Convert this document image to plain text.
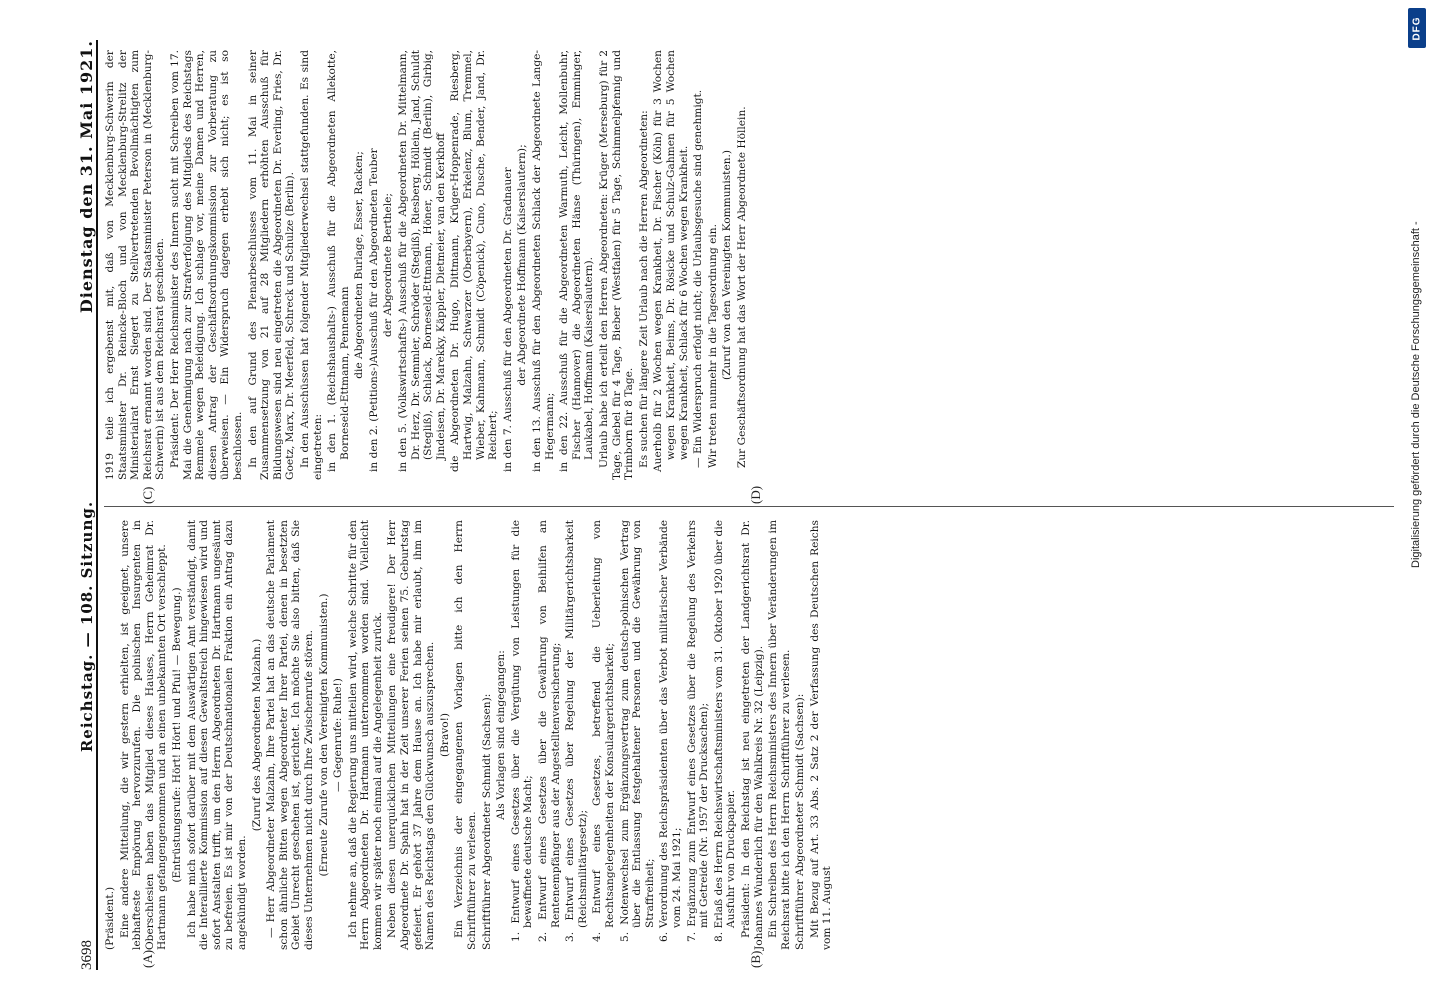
3698
Reichstag. — 108. Sitzung.
Dienstag den 31. Mai 1921.
(A)	(B)
(C)	(D)

(Präsident.) Eine andere Mitteilung, die wir gestern erhielten, ist geeignet, unsere lebhafteste Empörung hervorzurufen. Die polnischen Insurgenten in Oberschlesien haben das Mitglied dieses Hauses, Herrn Geheimrat Dr. Hartmann gefangengenommen und an einen unbekannten Ort verschleppt. (Entrüstungsrufe: Hört! Hört! und Pfui! — Bewegung.) Ich habe mich sofort darüber mit dem Auswärtigen Amt verständigt, damit die Interalliierte Kommission auf diesen Gewaltstreich hingewiesen wird und sofort Anstalten trifft, um den Herrn Abgeordneten Dr. Hartmann ungesäumt zu befreien. Es ist mir von der Deutschnationalen Fraktion ein Antrag dazu angekündigt worden.

(Zuruf des Abgeordneten Malzahn.) — Herr Abgeordneter Malzahn, Ihre Partei hat an das deutsche Parlament schon ähnliche Bitten wegen Abgeordneter Ihrer Partei, denen in besetzten Gebiet Unrecht geschehen ist, gerichtet. Ich möchte Sie also bitten, daß Sie dieses Unternehmen nicht durch Ihre Zwischenrufe stören. (Erneute Zurufe von den Vereinigten Kommunisten.) — Gegenrufe: Ruhe!) Ich nehme an, daß die Regierung uns mitteilen wird, welche Schritte für den Herrn Abgeordneten Dr. Hartmann unternommen worden sind. Vielleicht kommen wir später noch einmal auf die Angelegenheit zurück. Neben diesen unerquicklichen Mitteilungen eine freudigere! Der Herr Abgeordnete Dr. Spahn hat in der Zeit unserer Ferien seinen 75. Geburtstag gefeiert. Er gehört 37 Jahre dem Hause an. Ich habe mir erlaubt, ihm im Namen des Reichstags den Glückwunsch auszusprechen. (Bravo!) Ein Verzeichnis der eingegangenen Vorlagen bitte ich den Herrn Schriftführer zu verlesen. Schriftführer Abgeordneter Schmidt (Sachsen): Als Vorlagen sind eingegangen: 1. Entwurf eines Gesetzes über die Vergütung von Leistungen für die bewaffnete deutsche Macht; 2. Entwurf eines Gesetzes über die Gewährung von Beihilfen an Rentenempfänger aus der Angestelltenversicherung; 3. Entwurf eines Gesetzes über Regelung der Militärgerichtsbarkeit (Reichsmilitärgesetz); 4. Entwurf eines Gesetzes, betreffend die Ueberleitung von Rechtsangelegenheiten der Konsulargerichtsbarkeit; 5. Notenwechsel zum Ergänzungsvertrag zum deutsch-polnischen Vertrag über die Entlassung festgehaltener Personen und die Gewährung von Straffreiheit; 6. Verordnung des Reichspräsidenten über das Verbot militärischer Verbände vom 24. Mai 1921; 7. Ergänzung zum Entwurf eines Gesetzes über die Regelung des Verkehrs mit Getreide (Nr. 1957 der Drucksachen); 8. Erlaß des Herrn Reichswirtschaftsministers vom 31. Oktober 1920 über die Ausfuhr von Druckpapier. Präsident: In den Reichstag ist neu eingetreten der Landgerichtsrat Dr. Johannes Wunderlich für den Wahlkreis Nr. 32 (Leipzig). Ein Schreiben des Herrn Reichsministers des Innern über Veränderungen im Reichsrat bitte ich den Herrn Schriftführer zu verlesen. Schriftführer Abgeordneter Schmidt (Sachsen): Mit Bezug auf Art. 33 Abs. 2 Satz 2 der Verfassung des Deutschen Reichs vom 11. August

1919 teile ich ergebenst mit, daß von Mecklenburg-Schwerin der Staatsminister Dr. Reincke-Bloch und von Mecklenburg-Strelitz der Ministerialrat Ernst Siegert zu Stellvertretenden Bevollmächtigten zum Reichsrat ernannt worden sind. Der Staatsminister Peterson in (Mecklenburg-Schwerin) ist aus dem Reichsrat geschieden. Präsident: Der Herr Reichsminister des Innern sucht mit Schreiben vom 17. Mai die Genehmigung nach zur Strafverfolgung des Mitglieds des Reichstags Remmele wegen Beleidigung. Ich schlage vor, meine Damen und Herren, diesen Antrag der Geschäftsordnungskommission zur Vorberatung zu überweisen. — Ein Widerspruch dagegen erhebt sich nicht; es ist so beschlossen. In den auf Grund des Plenarbeschlusses vom 11. Mai in seiner Zusammensetzung von 21 auf 28 Mitgliedern erhöhten Ausschuß für Bildungswesen sind neu eingetreten die Abgeordneten Dr. Everling, Fries, Dr. Goetz, Marx, Dr. Meerfeld, Schreck und Schulze (Berlin). In den Ausschüssen hat folgender Mitgliederwechsel stattgefunden. Es sind eingetreten: in den 1. (Reichshaushalts-) Ausschuß für die Abgeordneten Allekotte, Borneseld-Ettmann, Pennemann die Abgeordneten Burlage, Esser, Racken; in den 2. (Petitions-)Ausschuß für den Abgeordneten Teuber der Abgeordnete Berthele; in den 5. (Volkswirtschafts-) Ausschuß für die Abgeordneten Dr. Mittelmann, Dr. Herz, Dr. Semmler, Schröder (Stegliß), Riesberg, Höllein, Jand, Schuldt (Stegliß), Schlack, Borneseld-Ettmann, Höner, Schmidt (Berlin), Girbig, Jindeisen, Dr. Marekky, Käppler, Dietmeier, van den Kerkhoff die Abgeordneten Dr. Hugo, Dittmann, Krüger-Hoppenrade, Riesberg, Hartwig, Malzahn, Schwarzer (Oberbayern), Erkelenz, Blum, Tremmel, Wieber, Kahmann, Schmidt (Cöpenick), Cuno, Dusche, Bender, Jand, Dr. Reichert; in den 7. Ausschuß für den Abgeordneten Dr. Gradnauer der Abgeordnete Hoffmann (Kaiserslautern); in den 13. Ausschuß für den Abgeordneten Schlack der Abgeordnete Lange-Hegermann; in den 22. Ausschuß für die Abgeordneten Warmuth, Leicht, Mollenbuhr, Fischer (Hannover) die Abgeordneten Hänse (Thüringen), Emminger, Laukabel, Hoffmann (Kaiserslautern). Urlaub habe ich erteilt den Herren Abgeordneten: Krüger (Merseburg) für 2 Tage, Giebel für 4 Tage, Bieber (Westfalen) für 5 Tage, Schimmelpfennig und Trimborn für 8 Tage. Es suchen für längere Zeit Urlaub nach die Herren Abgeordneten: Auerholb für 2 Wochen wegen Krankheit, Dr. Fischer (Köln) für 3 Wochen wegen Krankheit, Beims, Dr. Rösicke und Schulz-Gahmen für 5 Wochen wegen Krankheit, Schlack für 6 Wochen wegen Krankheit. — Ein Widerspruch erfolgt nicht; die Urlaubsgesuche sind genehmigt. Wir treten nunmehr in die Tagesordnung ein. (Zuruf von den Vereinigten Kommunisten.) Zur Geschäftsordnung hat das Wort der Herr Abgeordnete Höllein.

DFG
Digitalisierung gefördert durch die Deutsche Forschungsgemeinschaft -
